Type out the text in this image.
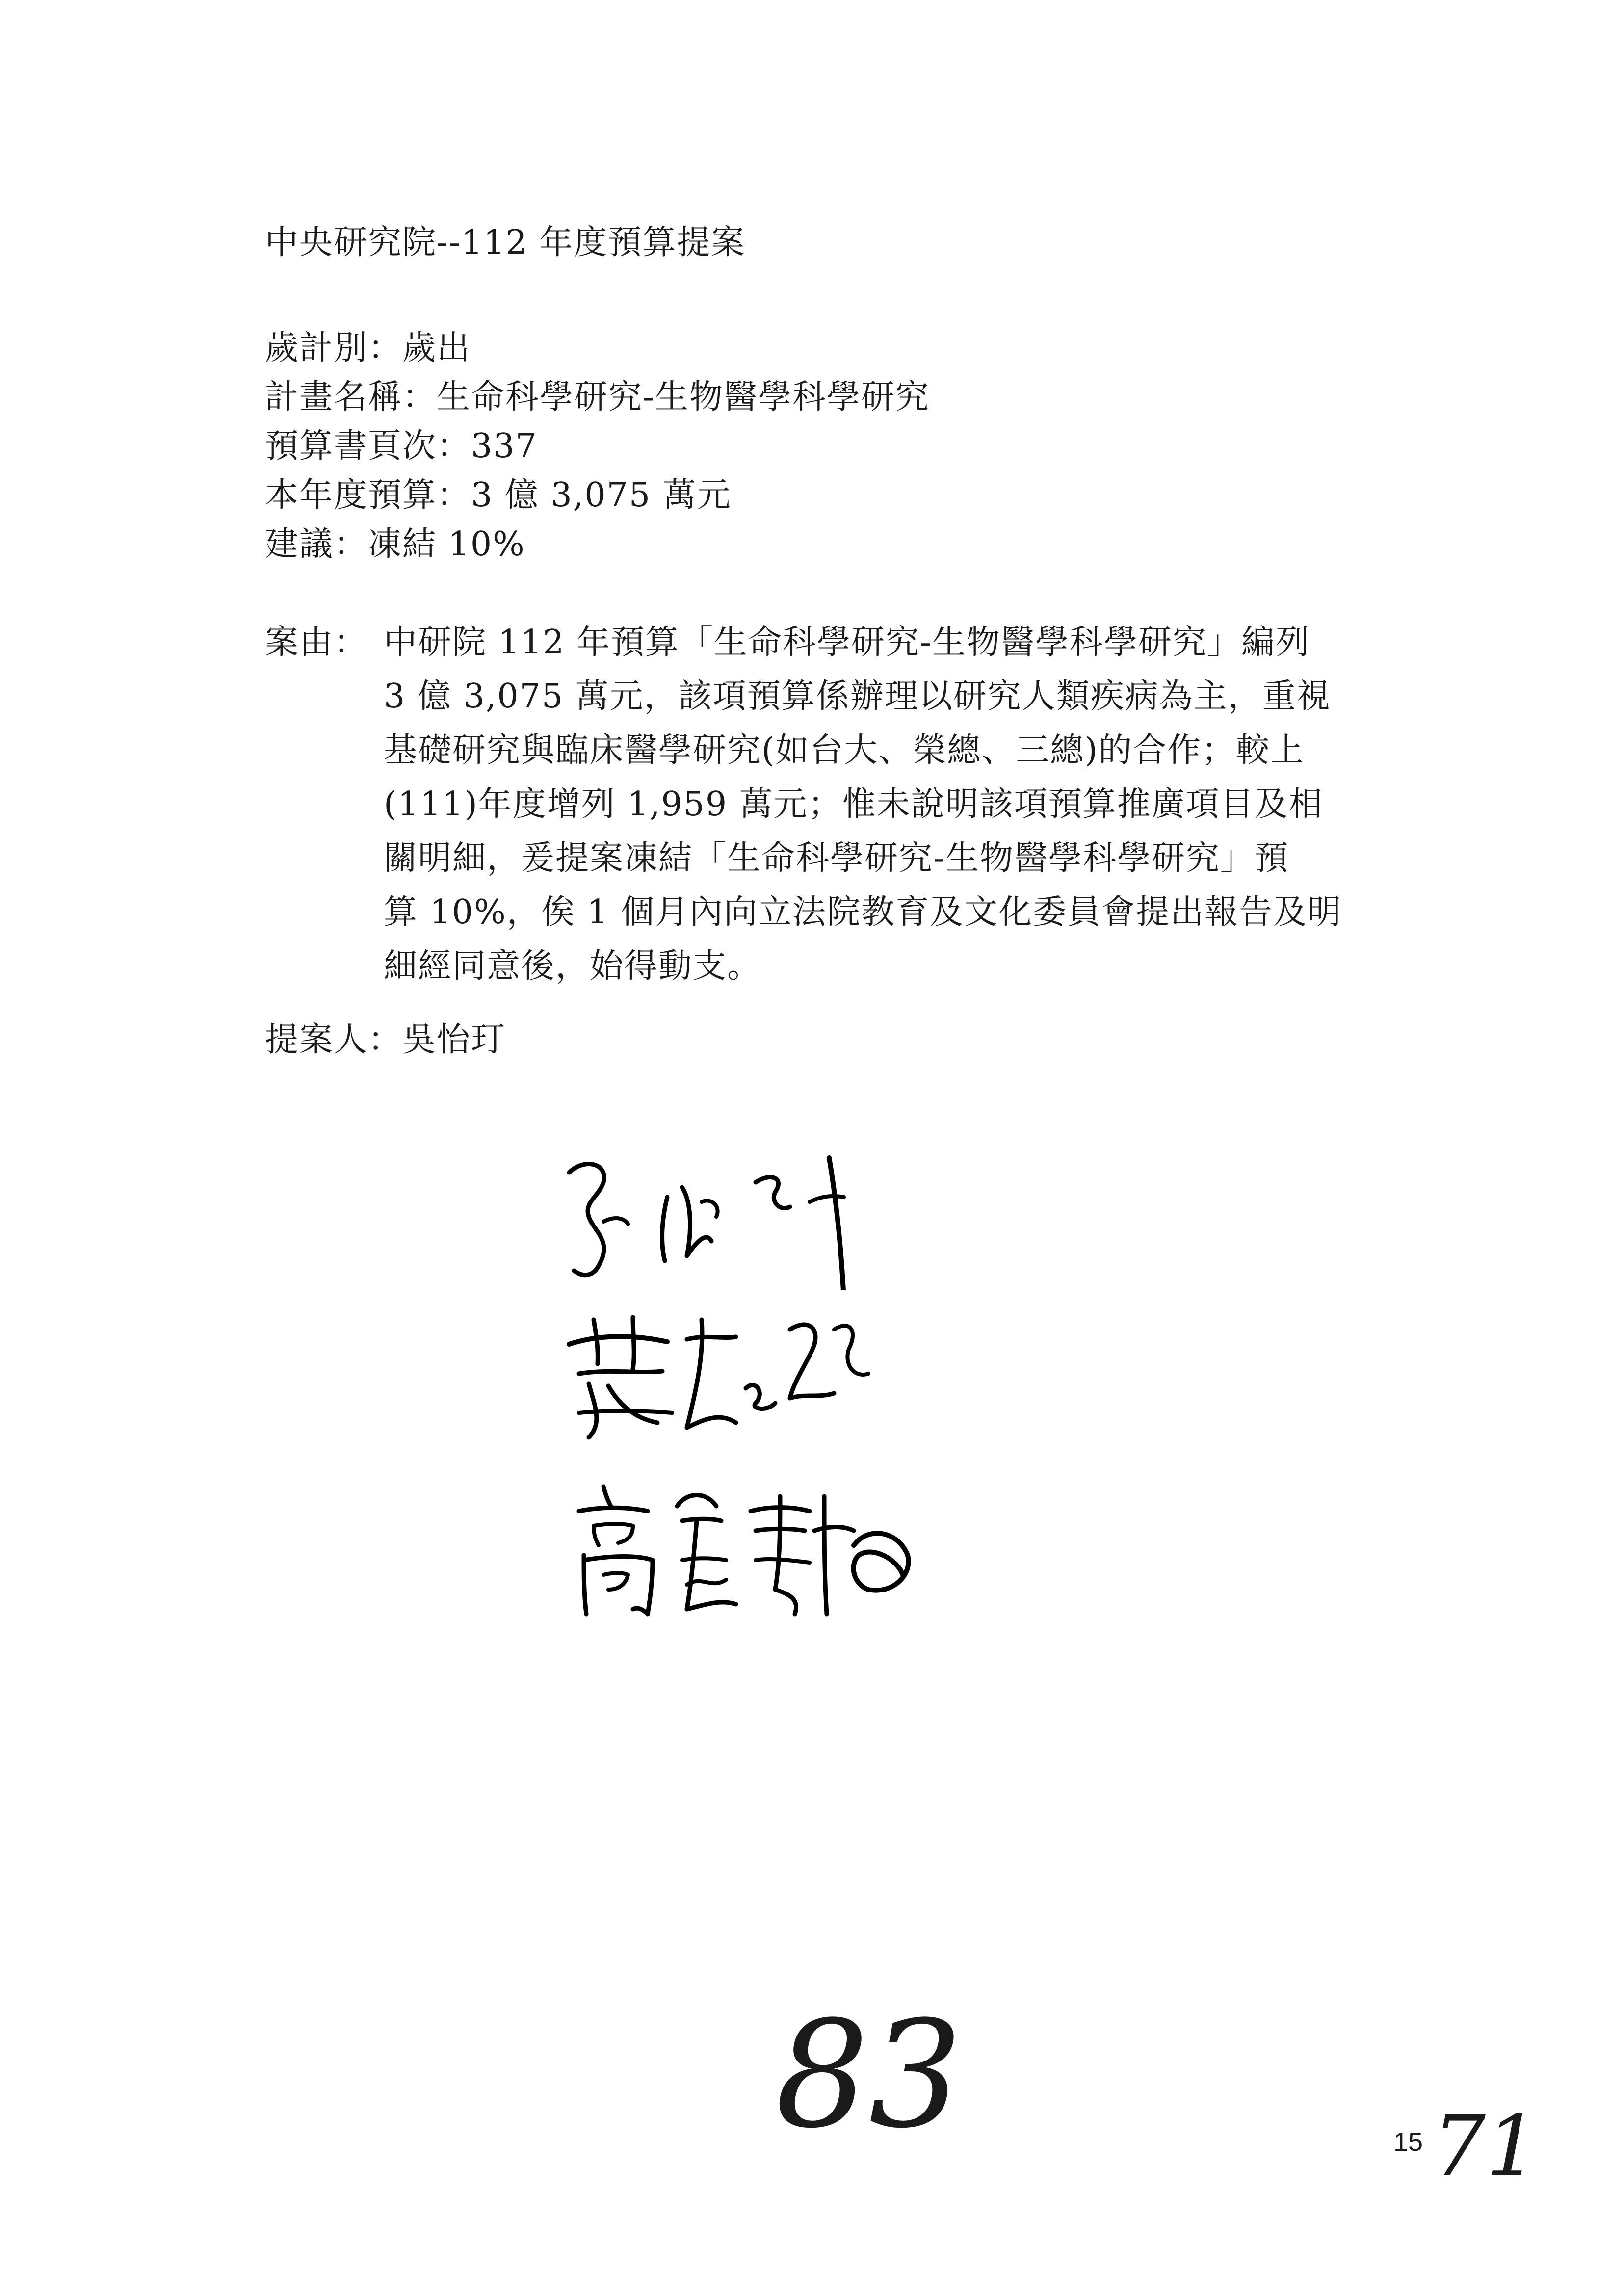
中央研究院--112 年度預算提案
歲計別：歲出
計畫名稱：生命科學研究-生物醫學科學研究
預算書頁次：337
本年度預算：3 億 3,075 萬元
建議：凍結 10%
案由： 中研院 112 年預算「生命科學研究-生物醫學科學研究」編列
3 億 3,075 萬元，該項預算係辦理以研究人類疾病為主，重視
基礎研究與臨床醫學研究(如台大、榮總、三總)的合作；較上
(111)年度增列 1,959 萬元；惟未說明該項預算推廣項目及相
關明細，爰提案凍結「生命科學研究-生物醫學科學研究」預
算 10%，俟 1 個月內向立法院教育及文化委員會提出報告及明
細經同意後，始得動支。
提案人：吳怡玎
83	15 71
